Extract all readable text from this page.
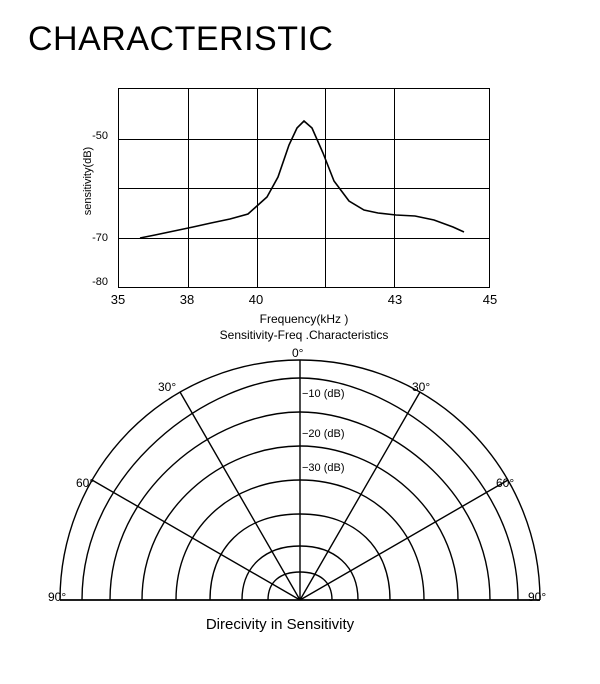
CHARACTERISTIC
-50
-70
-80
35	38	40	43	45
sensitivity(dB)
Frequency(kHz )
Sensitivity-Freq .Characteristics
0°
30°	30°
60°	60°
90°	90°
−10 (dB)
−20 (dB)
−30 (dB)
Direcivity in Sensitivity
